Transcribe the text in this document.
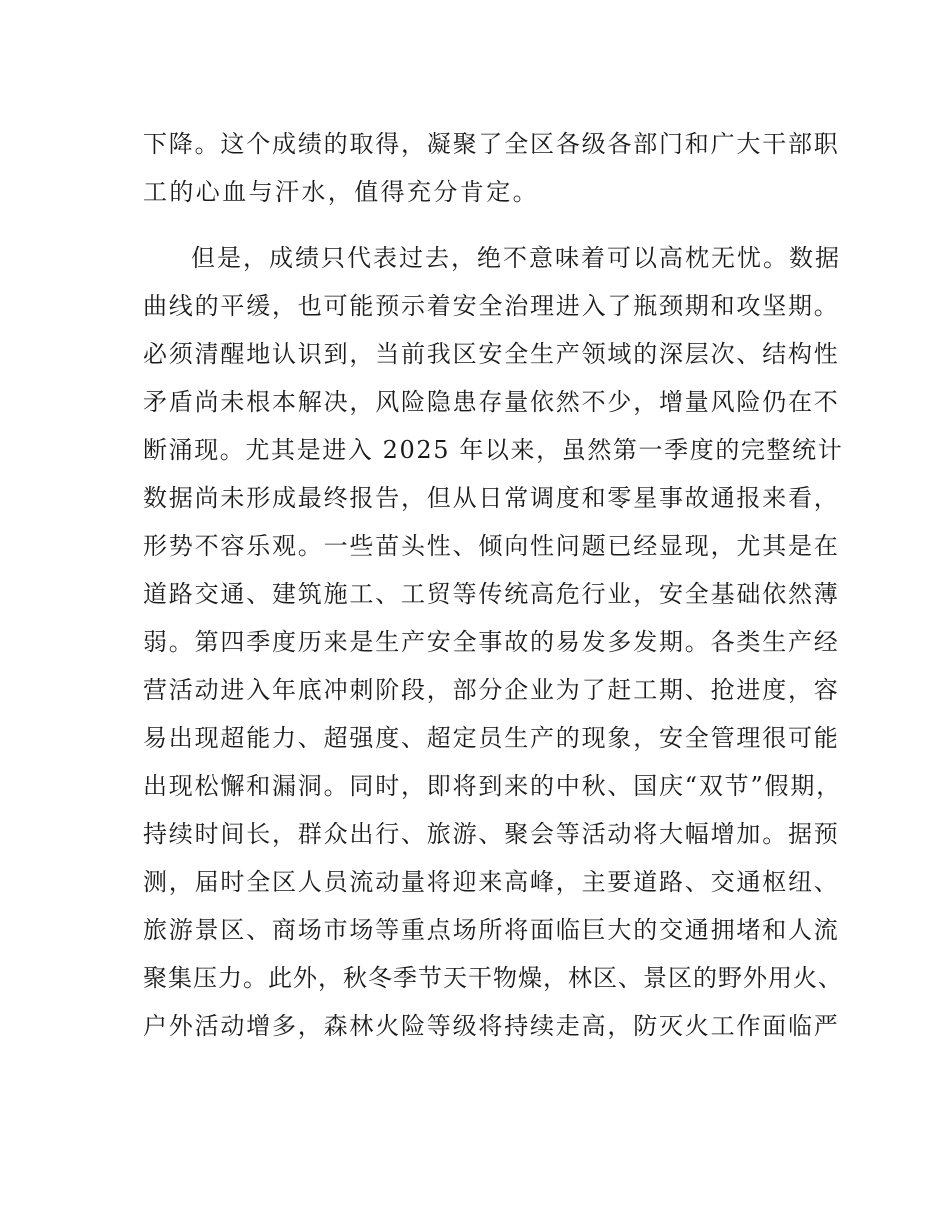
下降。这个成绩的取得，凝聚了全区各级各部门和广大干部职
工的心血与汗水，值得充分肯定。
但是，成绩只代表过去，绝不意味着可以高枕无忧。数据
曲线的平缓，也可能预示着安全治理进入了瓶颈期和攻坚期。
必须清醒地认识到，当前我区安全生产领域的深层次、结构性
矛盾尚未根本解决，风险隐患存量依然不少，增量风险仍在不
断涌现。尤其是进入 2025 年以来，虽然第一季度的完整统计
数据尚未形成最终报告，但从日常调度和零星事故通报来看，
形势不容乐观。一些苗头性、倾向性问题已经显现，尤其是在
道路交通、建筑施工、工贸等传统高危行业，安全基础依然薄
弱。第四季度历来是生产安全事故的易发多发期。各类生产经
营活动进入年底冲刺阶段，部分企业为了赶工期、抢进度，容
易出现超能力、超强度、超定员生产的现象，安全管理很可能
出现松懈和漏洞。同时，即将到来的中秋、国庆“双节”假期，
持续时间长，群众出行、旅游、聚会等活动将大幅增加。据预
测，届时全区人员流动量将迎来高峰，主要道路、交通枢纽、
旅游景区、商场市场等重点场所将面临巨大的交通拥堵和人流
聚集压力。此外，秋冬季节天干物燥，林区、景区的野外用火、
户外活动增多，森林火险等级将持续走高，防灭火工作面临严
